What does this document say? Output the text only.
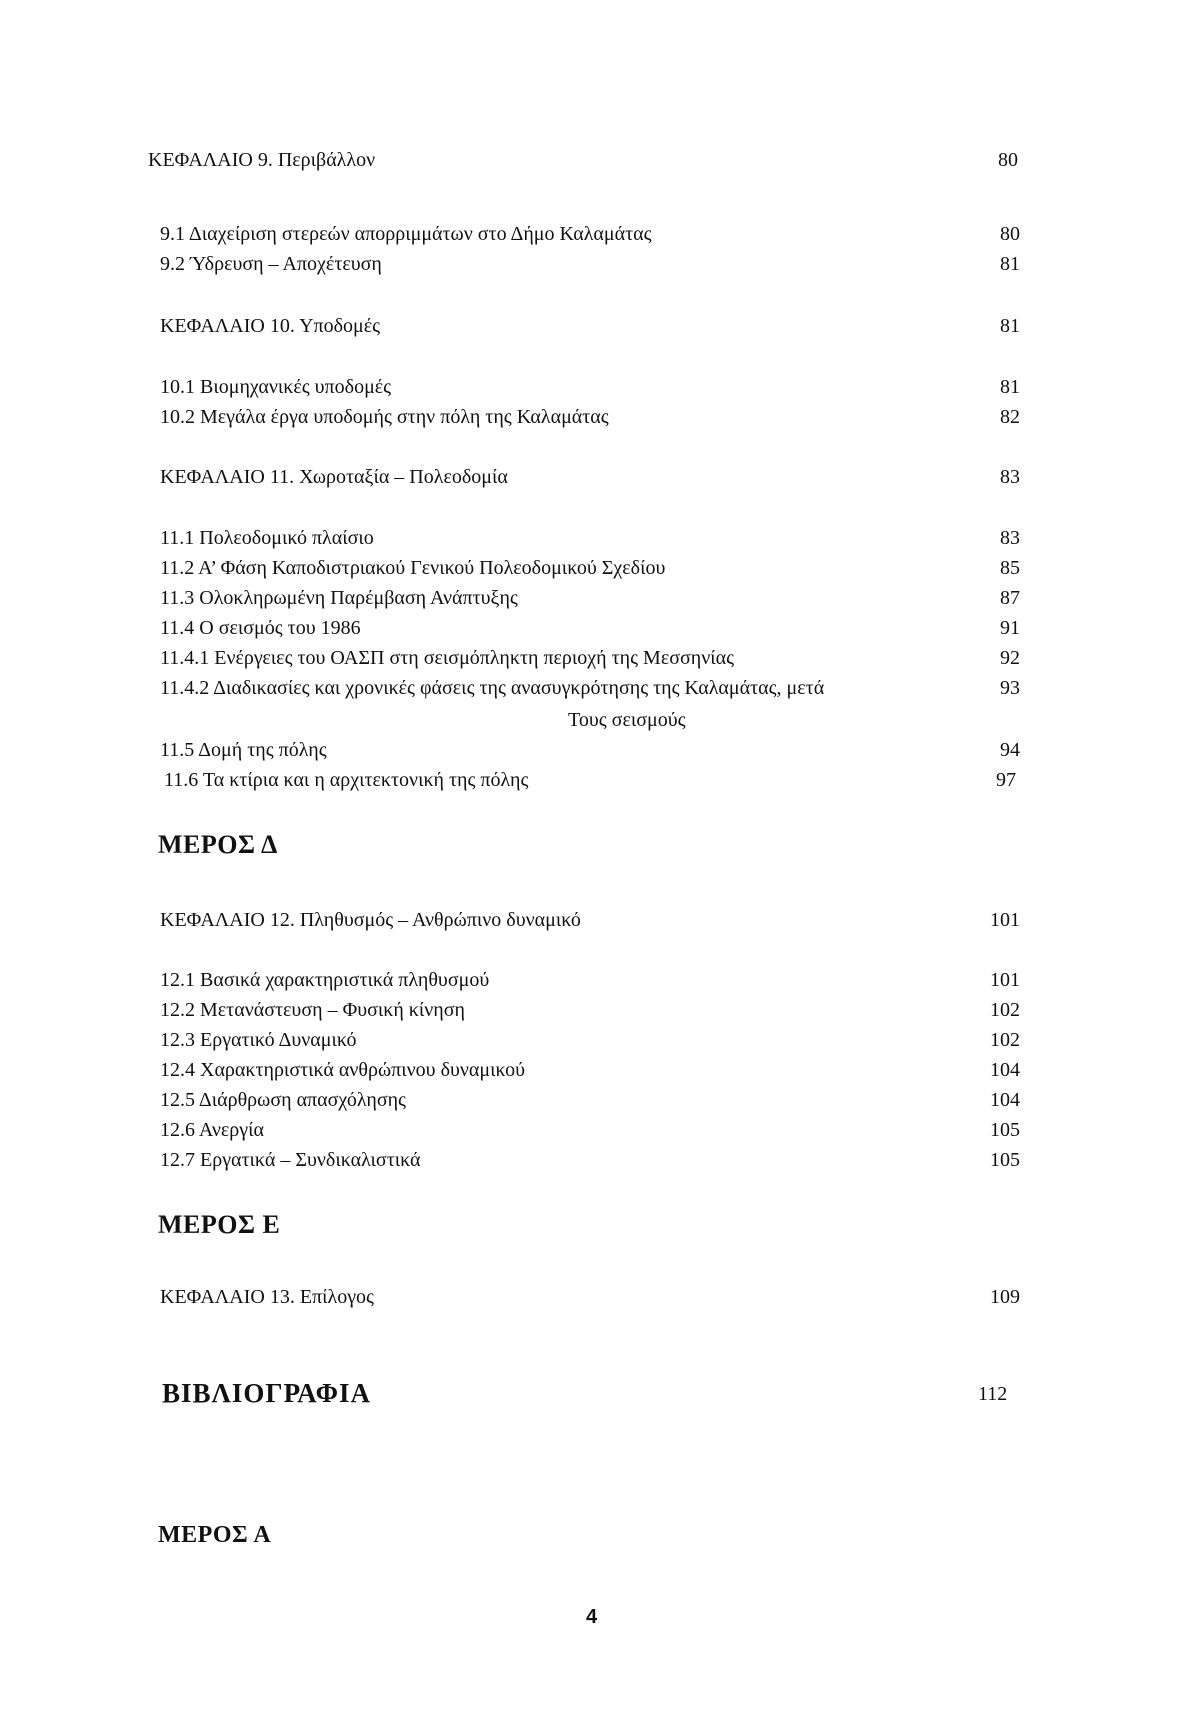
ΚΕΦΑΛΑΙΟ 9. Περιβάλλον	80
9.1 Διαχείριση στερεών απορριμμάτων στο Δήμο Καλαμάτας	80
9.2 Ύδρευση – Αποχέτευση	81
ΚΕΦΑΛΑΙΟ 10. Υποδομές	81
10.1 Βιομηχανικές υποδομές	81
10.2 Μεγάλα έργα υποδομής στην πόλη της Καλαμάτας	82
ΚΕΦΑΛΑΙΟ 11. Χωροταξία – Πολεοδομία	83
11.1 Πολεοδομικό πλαίσιο	83
11.2 Α’ Φάση Καποδιστριακού Γενικού Πολεοδομικού Σχεδίου	85
11.3 Ολοκληρωμένη Παρέμβαση Ανάπτυξης	87
11.4 Ο σεισμός του 1986	91
11.4.1 Ενέργειες του ΟΑΣΠ στη σεισμόπληκτη περιοχή της Μεσσηνίας	92
11.4.2 Διαδικασίες και χρονικές φάσεις της ανασυγκρότησης της Καλαμάτας, μετά	93
Τους σεισμούς
11.5 Δομή της πόλης	94
11.6 Τα κτίρια και η αρχιτεκτονική της πόλης	97
ΜΕΡΟΣ Δ
ΚΕΦΑΛΑΙΟ 12. Πληθυσμός – Ανθρώπινο δυναμικό	101
12.1 Βασικά χαρακτηριστικά πληθυσμού	101
12.2 Μετανάστευση – Φυσική κίνηση	102
12.3 Εργατικό Δυναμικό	102
12.4 Χαρακτηριστικά ανθρώπινου δυναμικού	104
12.5 Διάρθρωση απασχόλησης	104
12.6 Ανεργία	105
12.7 Εργατικά – Συνδικαλιστικά	105
ΜΕΡΟΣ Ε
ΚΕΦΑΛΑΙΟ 13. Επίλογος	109
ΒΙΒΛΙΟΓΡΑΦΙΑ	112
ΜΕΡΟΣ Α
4
